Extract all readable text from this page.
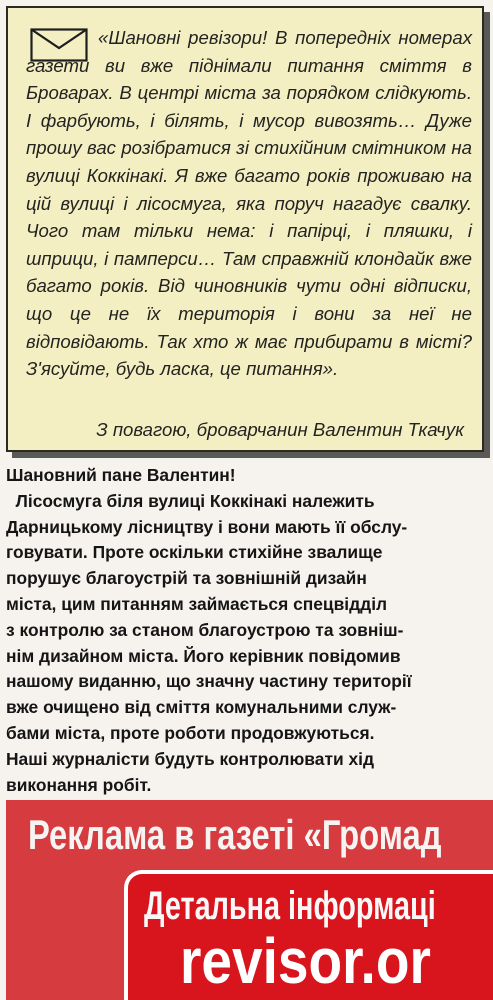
«Шановні ревізори! В попередніх номерах газети ви вже піднімали питання сміття в Броварах. В центрі міста за порядком слідкують. І фарбують, і білять, і мусор вивозять… Дуже прошу вас розібратися зі стихійним смітником на вулиці Коккінакі. Я вже багато років проживаю на цій вулиці і лісосмуга, яка поруч нагадує свалку. Чого там тільки нема: і папірці, і пляшки, і шприци, і памперси… Там справжній клондайк вже багато років. Від чиновників чути одні відписки, що це не їх територія і вони за неї не відповідають. Так хто ж має прибирати в місті? З'ясуйте, будь ласка, це питання».

З повагою, броварчанин Валентин Ткачук

Шановний пане Валентин!
Лісосмуга біля вулиці Коккінакі належить
Дарницькому лісництву і вони мають її обслу-
говувати. Проте оскільки стихійне звалище
порушує благоустрій та зовнішній дизайн
міста, цим питанням займається спецвідділ
з контролю за станом благоустрою та зовніш-
нім дизайном міста. Його керівник повідомив
нашому виданню, що значну частину території
вже очищено від сміття комунальними служ-
бами міста, проте роботи продовжуються.
Наші журналісти будуть контролювати хід
виконання робіт.

Реклама в газеті «Громад

Детальна інформаці

revisor.or
